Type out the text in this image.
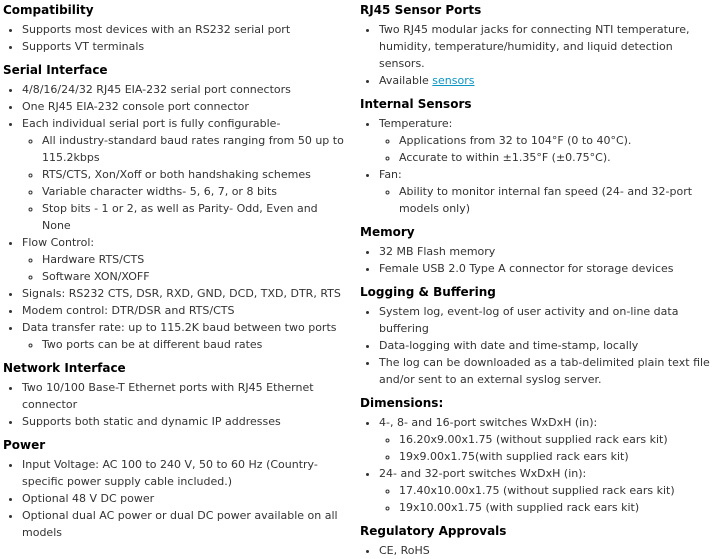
Compatibility
• Supports most devices with an RS232 serial port
• Supports VT terminals
Serial Interface
• 4/8/16/24/32 RJ45 EIA-232 serial port connectors
• One RJ45 EIA-232 console port connector
• Each individual serial port is fully configurable-
◦ All industry-standard baud rates ranging from 50 up to 115.2kbps
◦ RTS/CTS, Xon/Xoff or both handshaking schemes
◦ Variable character widths- 5, 6, 7, or 8 bits
◦ Stop bits - 1 or 2, as well as Parity- Odd, Even and None
• Flow Control:
◦ Hardware RTS/CTS
◦ Software XON/XOFF
• Signals: RS232 CTS, DSR, RXD, GND, DCD, TXD, DTR, RTS
• Modem control: DTR/DSR and RTS/CTS
• Data transfer rate: up to 115.2K baud between two ports
◦ Two ports can be at different baud rates
Network Interface
• Two 10/100 Base-T Ethernet ports with RJ45 Ethernet connector
• Supports both static and dynamic IP addresses
Power
• Input Voltage: AC 100 to 240 V, 50 to 60 Hz (Country-specific power supply cable included.)
• Optional 48 V DC power
• Optional dual AC power or dual DC power available on all models
RJ45 Sensor Ports
• Two RJ45 modular jacks for connecting NTI temperature, humidity, temperature/humidity, and liquid detection sensors.
• Available sensors
Internal Sensors
• Temperature:
◦ Applications from 32 to 104°F (0 to 40°C).
◦ Accurate to within ±1.35°F (±0.75°C).
• Fan:
◦ Ability to monitor internal fan speed (24- and 32-port models only)
Memory
• 32 MB Flash memory
• Female USB 2.0 Type A connector for storage devices
Logging & Buffering
• System log, event-log of user activity and on-line data buffering
• Data-logging with date and time-stamp, locally
• The log can be downloaded as a tab-delimited plain text file and/or sent to an external syslog server.
Dimensions:
• 4-, 8- and 16-port switches WxDxH (in):
◦ 16.20x9.00x1.75 (without supplied rack ears kit)
◦ 19x9.00x1.75(with supplied rack ears kit)
• 24- and 32-port switches WxDxH (in):
◦ 17.40x10.00x1.75 (without supplied rack ears kit)
◦ 19x10.00x1.75 (with supplied rack ears kit)
Regulatory Approvals
• CE, RoHS
